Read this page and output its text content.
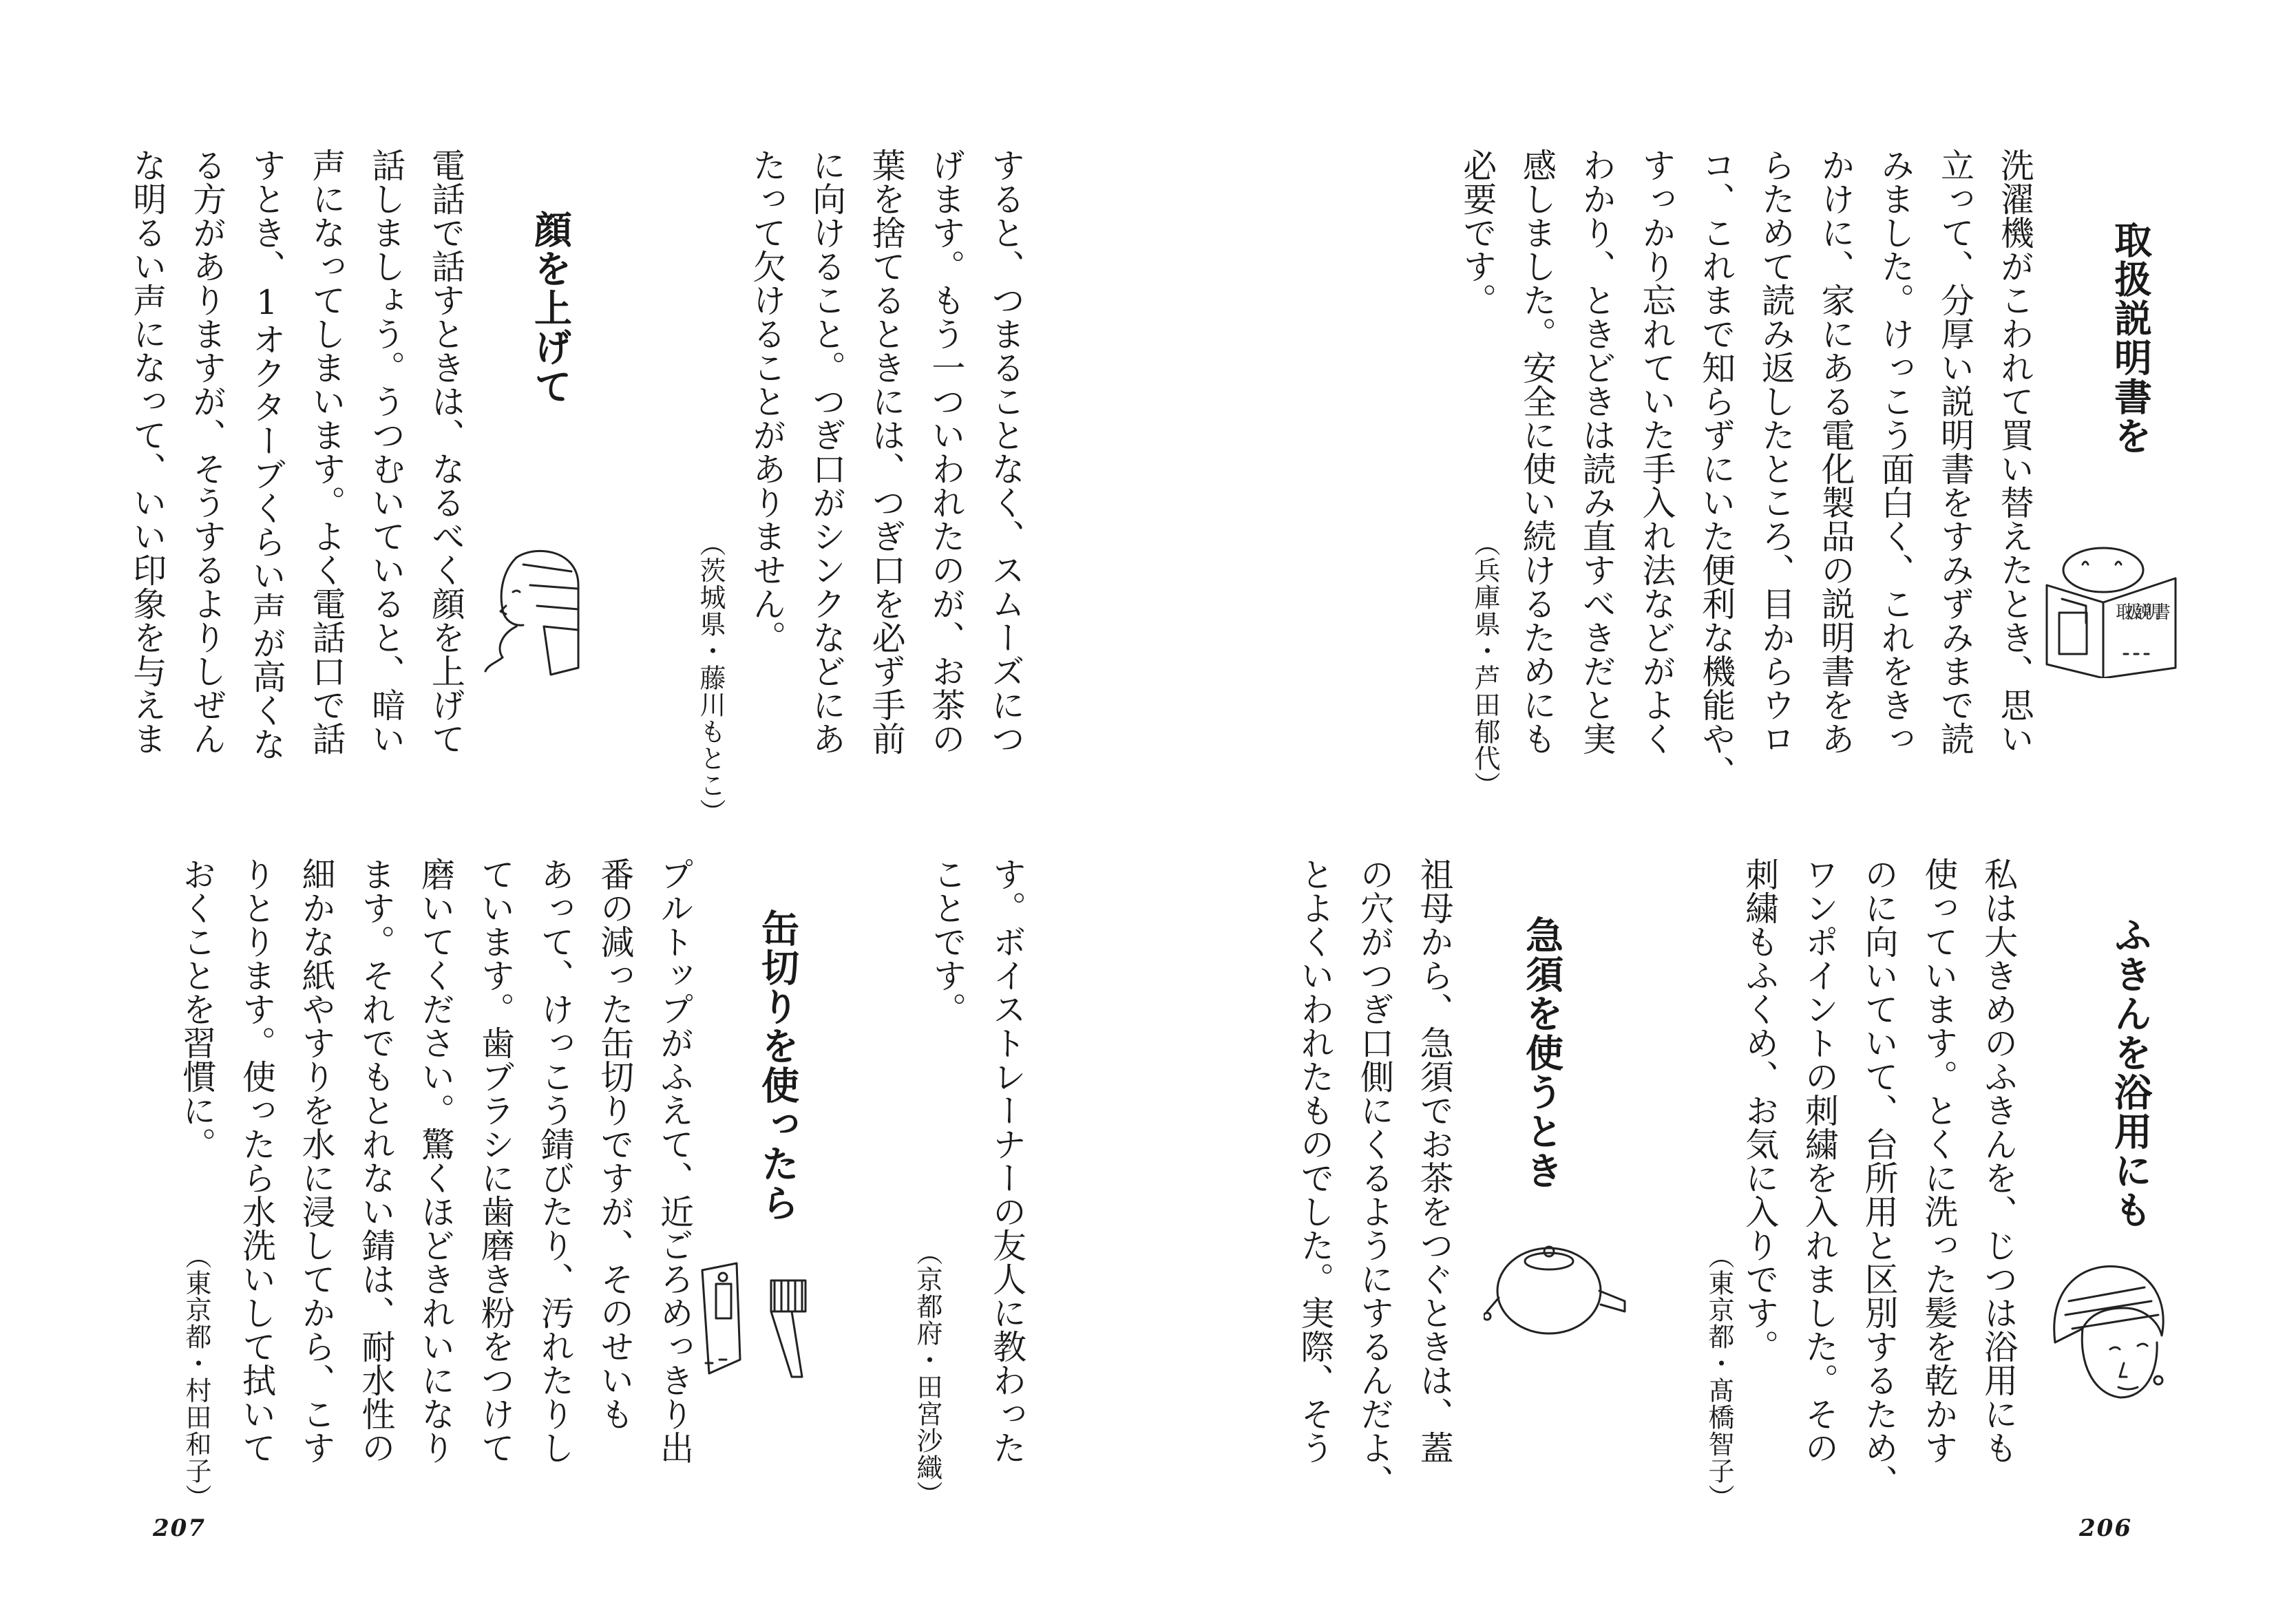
取扱説明書を
洗濯機がこわれて買い替えたとき、思い
立って、分厚い説明書をすみずみまで読
みました。けっこう面白く、これをきっ
かけに、家にある電化製品の説明書をあ
らためて読み返したところ、目からウロ
コ、これまで知らずにいた便利な機能や、
すっかり忘れていた手入れ法などがよく
わかり、ときどきは読み直すべきだと実
感しました。安全に使い続けるためにも
必要です。
（兵庫県・芦田郁代）	取扱説明書
ふきんを浴用にも
私は大きめのふきんを、じつは浴用にも
使っています。とくに洗った髪を乾かす
のに向いていて、台所用と区別するため、
ワンポイントの刺繍を入れました。その
刺繍もふくめ、お気に入りです。
（東京都・髙橋智子）
急須を使うとき
祖母から、急須でお茶をつぐときは、蓋
の穴がつぎ口側にくるようにするんだよ、
とよくいわれたものでした。実際、そう
206
すると、つまることなく、スムーズにつ
げます。もう一ついわれたのが、お茶の
葉を捨てるときには、つぎ口を必ず手前
に向けること。つぎ口がシンクなどにあ
たって欠けることがありません。
（茨城県・藤川もとこ）
顔を上げて
電話で話すときは、なるべく顔を上げて
話しましょう。うつむいていると、暗い
声になってしまいます。よく電話口で話
すとき、1オクターブくらい声が高くな
る方がありますが、そうするよりしぜん
な明るい声になって、いい印象を与えま
す。ボイストレーナーの友人に教わった
ことです。
（京都府・田宮沙織）
缶切りを使ったら
プルトップがふえて、近ごろめっきり出
番の減った缶切りですが、そのせいも
あって、けっこう錆びたり、汚れたりし
ています。歯ブラシに歯磨き粉をつけて
磨いてください。驚くほどきれいになり
ます。それでもとれない錆は、耐水性の
細かな紙やすりを水に浸してから、こす
りとります。使ったら水洗いして拭いて
おくことを習慣に。
（東京都・村田和子）
207
